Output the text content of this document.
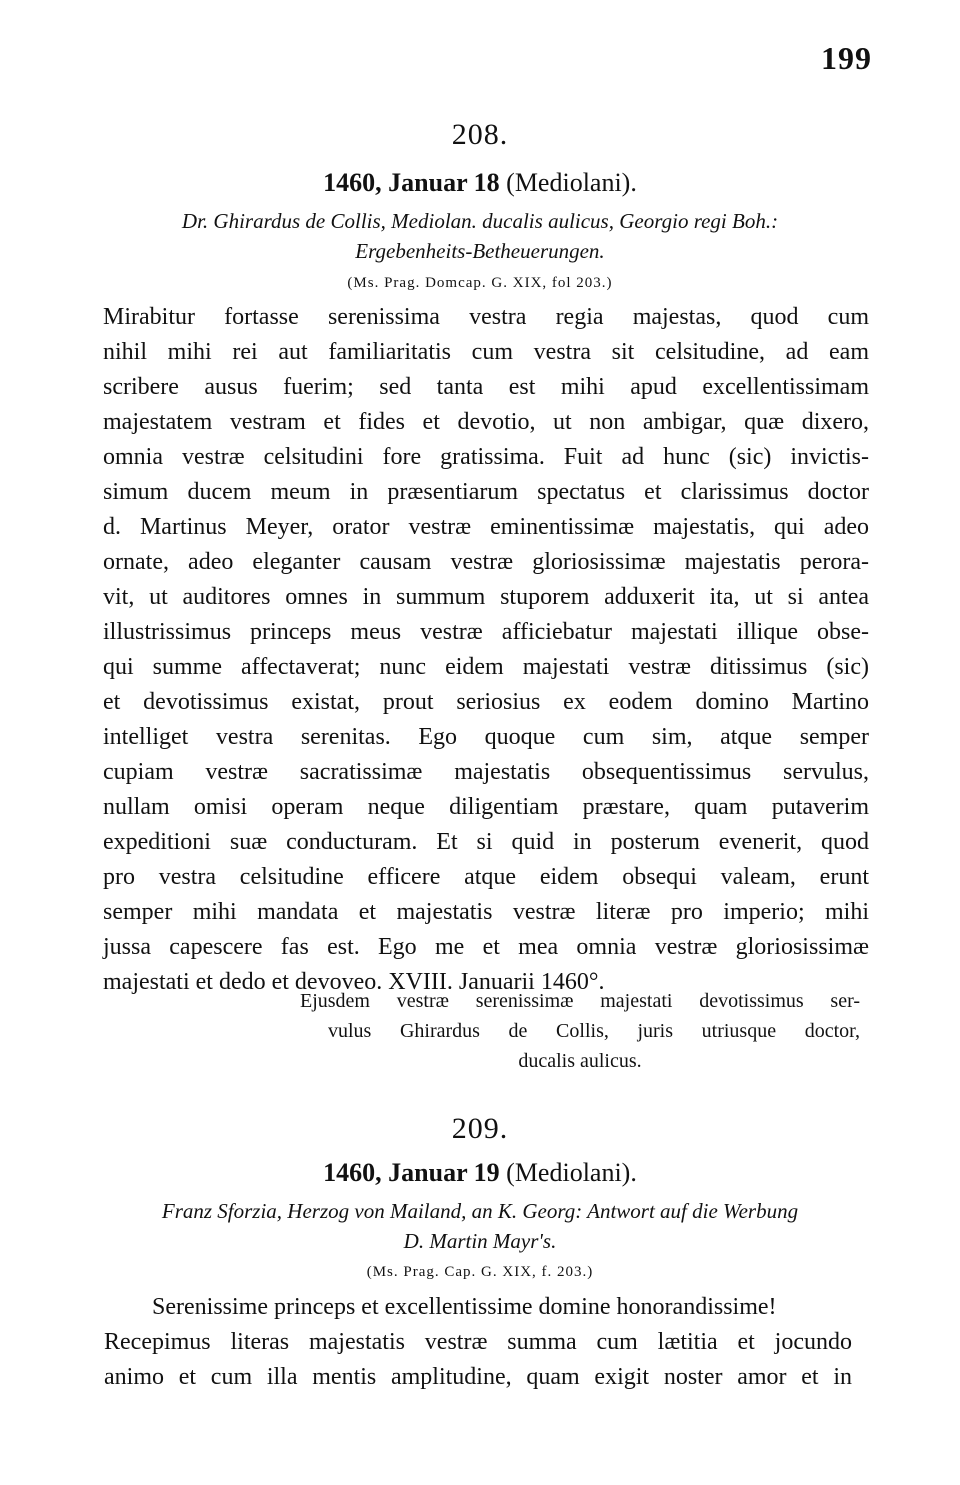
199
208.
1460, Januar 18 (Mediolani).
Dr. Ghirardus de Collis, Mediolan. ducalis aulicus, Georgio regi Boh.:
Ergebenheits-Betheuerungen.
(Ms. Prag. Domcap. G. XIX, fol 203.)
Mirabitur fortasse serenissima vestra regia majestas, quod cum
nihil mihi rei aut familiaritatis cum vestra sit celsitudine, ad eam
scribere ausus fuerim; sed tanta est mihi apud excellentissimam
majestatem vestram et fides et devotio, ut non ambigar, quæ dixero,
omnia vestræ celsitudini fore gratissima. Fuit ad hunc (sic) invictis-
simum ducem meum in præsentiarum spectatus et clarissimus doctor
d. Martinus Meyer, orator vestræ eminentissimæ majestatis, qui adeo
ornate, adeo eleganter causam vestræ gloriosissimæ majestatis perora-
vit, ut auditores omnes in summum stuporem adduxerit ita, ut si antea
illustrissimus princeps meus vestræ afficiebatur majestati illique obse-
qui summe affectaverat; nunc eidem majestati vestræ ditissimus (sic)
et devotissimus existat, prout seriosius ex eodem domino Martino
intelliget vestra serenitas. Ego quoque cum sim, atque semper
cupiam vestræ sacratissimæ majestatis obsequentissimus servulus,
nullam omisi operam neque diligentiam præstare, quam putaverim
expeditioni suæ conducturam. Et si quid in posterum evenerit, quod
pro vestra celsitudine efficere atque eidem obsequi valeam, erunt
semper mihi mandata et majestatis vestræ literæ pro imperio; mihi
jussa capescere fas est. Ego me et mea omnia vestræ gloriosissimæ
majestati et dedo et devoveo. XVIII. Januarii 1460°.
Ejusdem vestræ serenissimæ majestati devotissimus ser-
vulus Ghirardus de Collis, juris utriusque doctor,
ducalis aulicus.
209.
1460, Januar 19 (Mediolani).
Franz Sforzia, Herzog von Mailand, an K. Georg: Antwort auf die Werbung
D. Martin Mayr's.
(Ms. Prag. Cap. G. XIX, f. 203.)
Serenissime princeps et excellentissime domine honorandissime!
Recepimus literas majestatis vestræ summa cum lætitia et jocundo
animo et cum illa mentis amplitudine, quam exigit noster amor et in
